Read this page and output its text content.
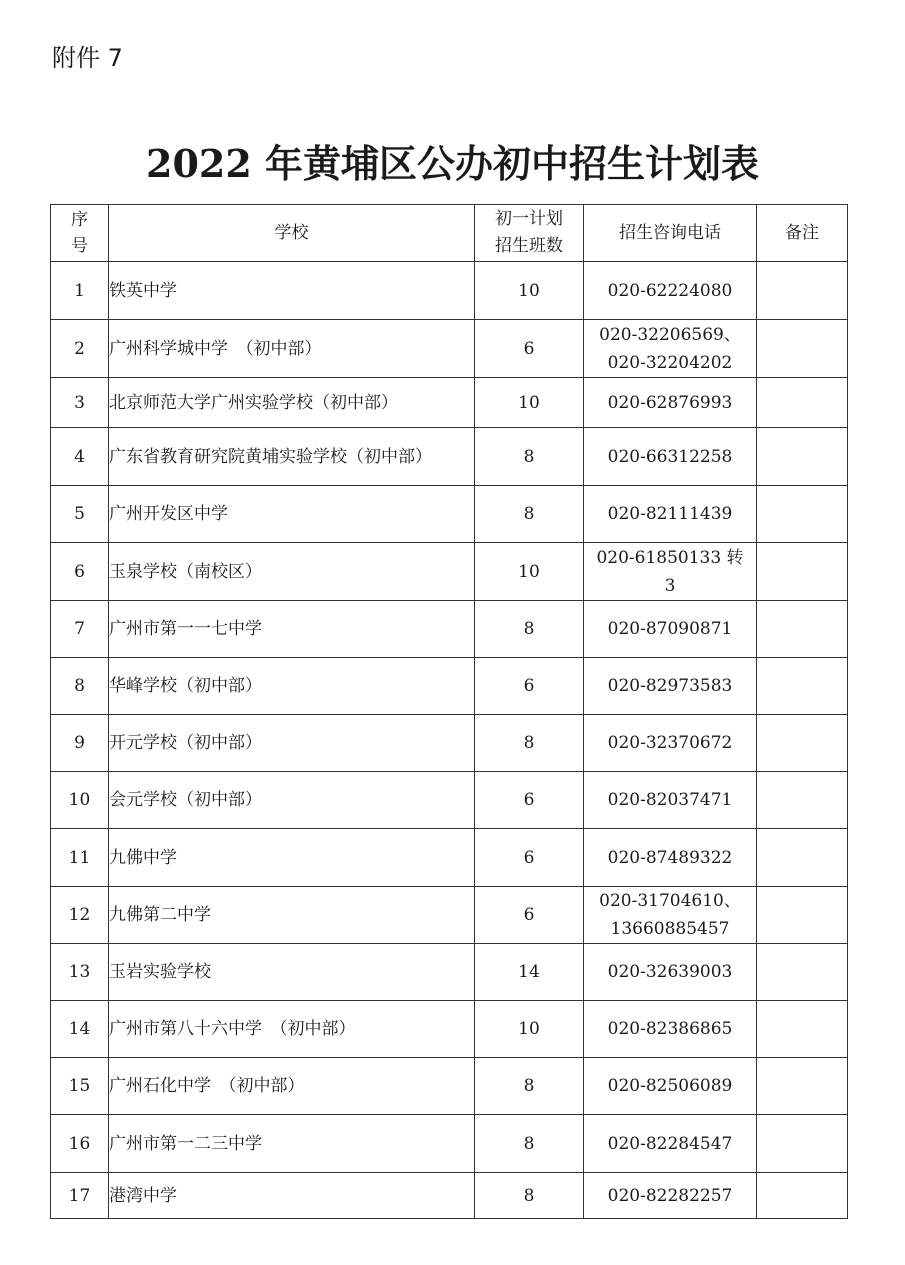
附件 7
2022 年黄埔区公办初中招生计划表
序号	学校	初一计划招生班数	招生咨询电话	备注
1	铁英中学	10	020-62224080	
2	广州科学城中学　（初中部）	6	020-32206569、 020-32204202	
3	北京师范大学广州实验学校（初中部）	10	020-62876993	
4	广东省教育研究院黄埔实验学校（初中部）	8	020-66312258	
5	广州开发区中学	8	020-82111439	
6	玉泉学校（南校区）	10	020-61850133 转 3	
7	广州市第一一七中学	8	020-87090871	
8	华峰学校（初中部）	6	020-82973583	
9	开元学校（初中部）	8	020-32370672	
10	会元学校（初中部）	6	020-82037471	
11	九佛中学	6	020-87489322	
12	九佛第二中学	6	020-31704610、 13660885457	
13	玉岩实验学校	14	020-32639003	
14	广州市第八十六中学　（初中部）	10	020-82386865	
15	广州石化中学　（初中部）	8	020-82506089	
16	广州市第一二三中学	8	020-82284547	
17	港湾中学	8	020-82282257	
